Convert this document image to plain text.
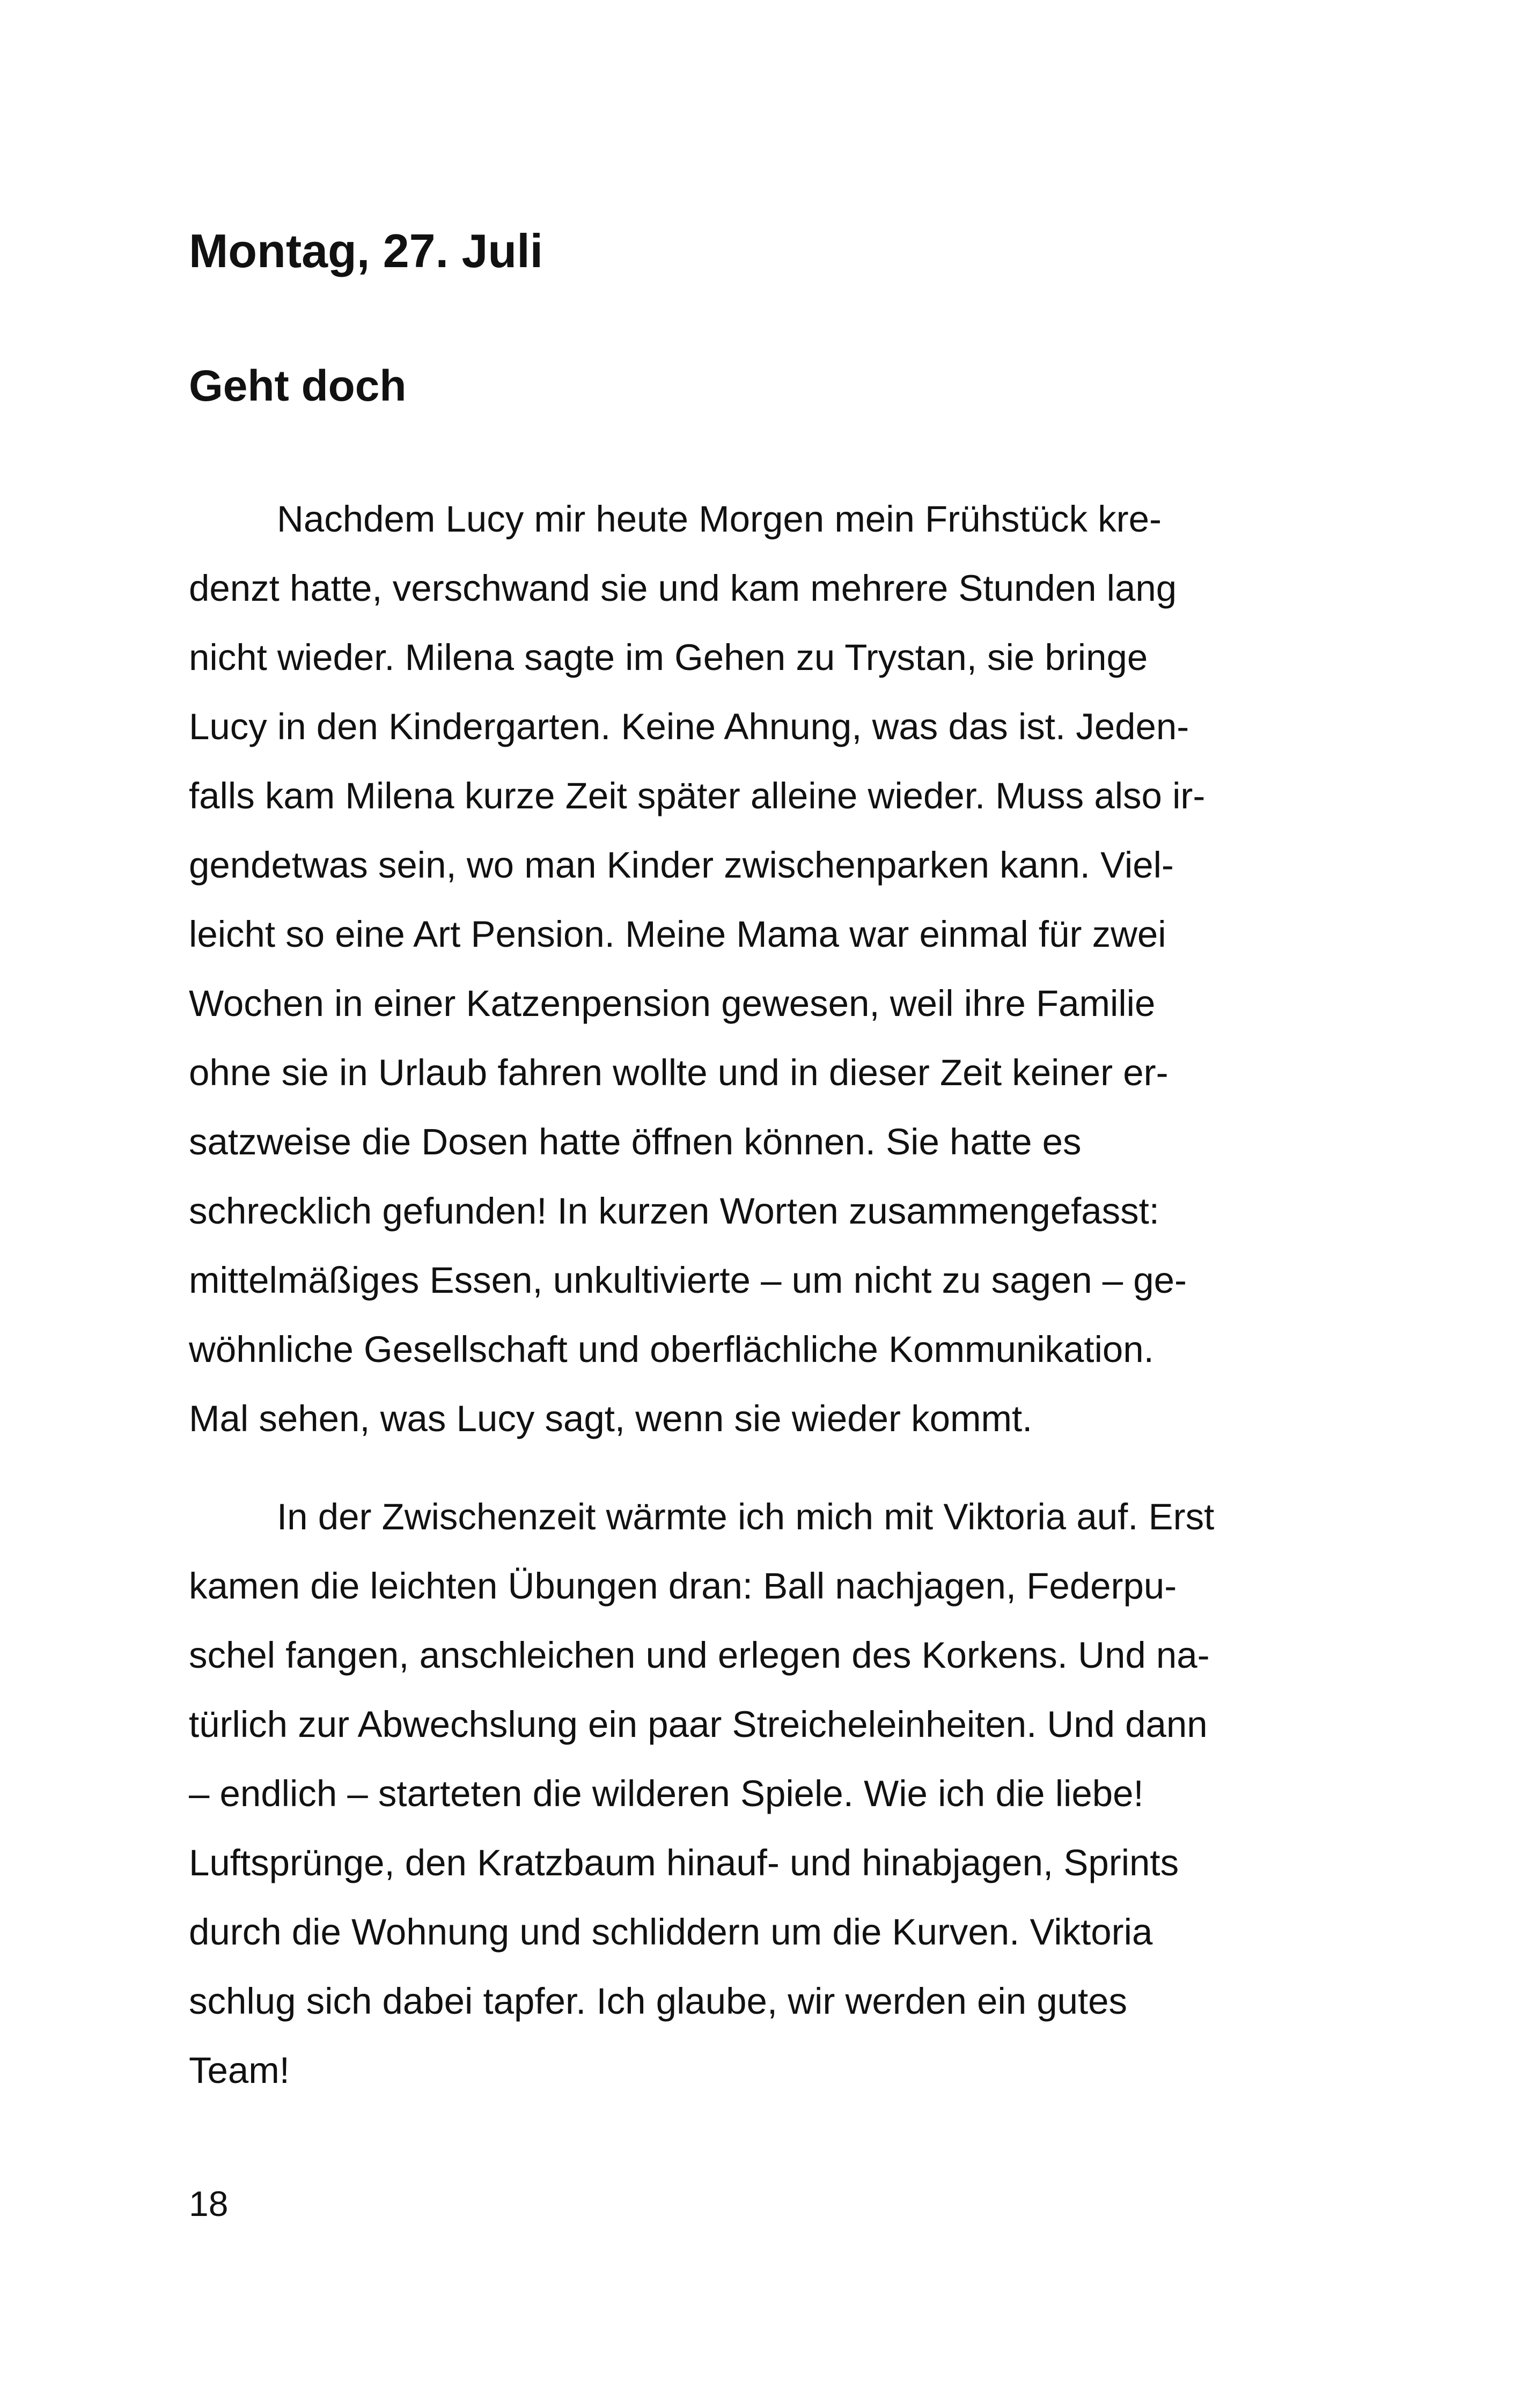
Montag, 27. Juli
Geht doch
Nachdem Lucy mir heute Morgen mein Frühstück kre-
denzt hatte, verschwand sie und kam mehrere Stunden lang
nicht wieder. Milena sagte im Gehen zu Trystan, sie bringe
Lucy in den Kindergarten. Keine Ahnung, was das ist. Jeden-
falls kam Milena kurze Zeit später alleine wieder. Muss also ir-
gendetwas sein, wo man Kinder zwischenparken kann. Viel-
leicht so eine Art Pension. Meine Mama war einmal für zwei
Wochen in einer Katzenpension gewesen, weil ihre Familie
ohne sie in Urlaub fahren wollte und in dieser Zeit keiner er-
satzweise die Dosen hatte öffnen können. Sie hatte es
schrecklich gefunden! In kurzen Worten zusammengefasst:
mittelmäßiges Essen, unkultivierte – um nicht zu sagen – ge-
wöhnliche Gesellschaft und oberflächliche Kommunikation.
Mal sehen, was Lucy sagt, wenn sie wieder kommt.
In der Zwischenzeit wärmte ich mich mit Viktoria auf. Erst
kamen die leichten Übungen dran: Ball nachjagen, Federpu-
schel fangen, anschleichen und erlegen des Korkens. Und na-
türlich zur Abwechslung ein paar Streicheleinheiten. Und dann
– endlich – starteten die wilderen Spiele. Wie ich die liebe!
Luftsprünge, den Kratzbaum hinauf- und hinabjagen, Sprints
durch die Wohnung und schliddern um die Kurven. Viktoria
schlug sich dabei tapfer. Ich glaube, wir werden ein gutes
Team!
18
